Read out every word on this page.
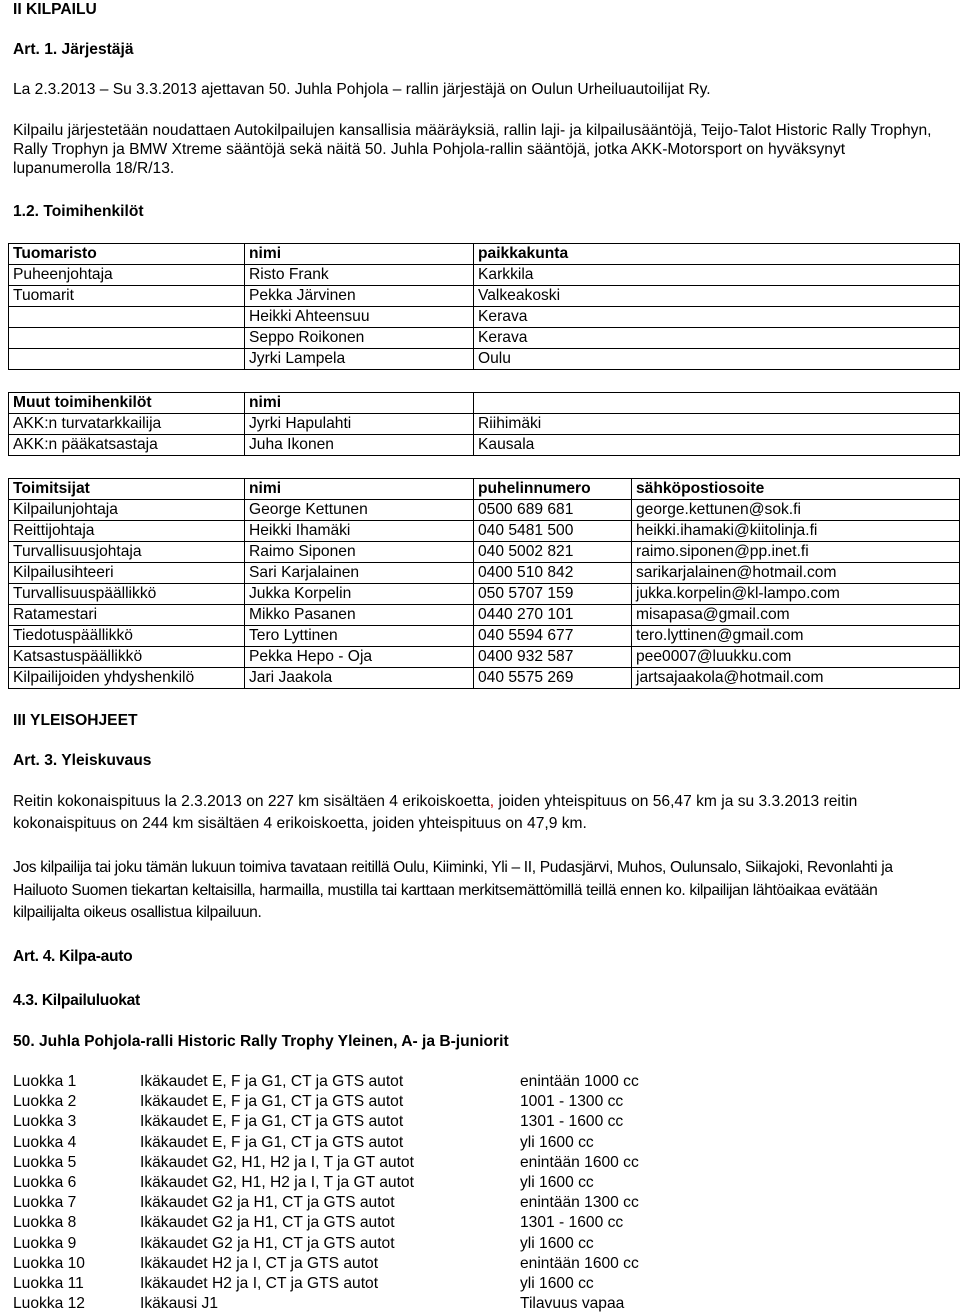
II KILPAILU
Art. 1. Järjestäjä
La 2.3.2013 – Su 3.3.2013 ajettavan 50. Juhla Pohjola – rallin järjestäjä on Oulun Urheiluautoilijat Ry.
Kilpailu järjestetään noudattaen Autokilpailujen kansallisia määräyksiä, rallin laji- ja kilpailusääntöjä, Teijo-Talot Historic Rally Trophyn, Rally Trophyn ja BMW Xtreme sääntöjä sekä näitä 50. Juhla Pohjola-rallin sääntöjä, jotka AKK-Motorsport on hyväksynyt lupanumerolla 18/R/13.
1.2. Toimihenkilöt
Tuomaristo	nimi	paikkakunta
Puheenjohtaja	Risto Frank	Karkkila
Tuomarit	Pekka Järvinen	Valkeakoski
	Heikki Ahteensuu	Kerava
	Seppo Roikonen	Kerava
	Jyrki Lampela	Oulu
Muut toimihenkilöt	nimi	
AKK:n turvatarkkailija	Jyrki Hapulahti	Riihimäki
AKK:n pääkatsastaja	Juha Ikonen	Kausala
Toimitsijat	nimi	puhelinnumero	sähköpostiosoite
Kilpailunjohtaja	George Kettunen	0500 689 681	george.kettunen@sok.fi
Reittijohtaja	Heikki Ihamäki	040 5481 500	heikki.ihamaki@kiitolinja.fi
Turvallisuusjohtaja	Raimo Siponen	040 5002 821	raimo.siponen@pp.inet.fi
Kilpailusihteeri	Sari Karjalainen	0400 510 842	sarikarjalainen@hotmail.com
Turvallisuuspäällikkö	Jukka Korpelin	050 5707 159	jukka.korpelin@kl-lampo.com
Ratamestari	Mikko Pasanen	0440 270 101	misapasa@gmail.com
Tiedotuspäällikkö	Tero Lyttinen	040 5594 677	tero.lyttinen@gmail.com
Katsastuspäällikkö	Pekka Hepo - Oja	0400 932 587	pee0007@luukku.com
Kilpailijoiden yhdyshenkilö	Jari Jaakola	040 5575 269	jartsajaakola@hotmail.com
III YLEISOHJEET
Art. 3. Yleiskuvaus
Reitin kokonaispituus la 2.3.2013 on 227 km sisältäen 4 erikoiskoetta, joiden yhteispituus on 56,47 km ja su 3.3.2013 reitin kokonaispituus on 244 km sisältäen 4 erikoiskoetta, joiden yhteispituus on 47,9 km.
Jos kilpailija tai joku tämän lukuun toimiva tavataan reitillä Oulu, Kiiminki, Yli – II, Pudasjärvi, Muhos, Oulunsalo, Siikajoki, Revonlahti ja Hailuoto Suomen tiekartan keltaisilla, harmailla, mustilla tai karttaan merkitsemättömillä teillä ennen ko. kilpailijan lähtöaikaa evätään kilpailijalta oikeus osallistua kilpailuun.
Art. 4. Kilpa-auto
4.3. Kilpailuluokat
50. Juhla Pohjola-ralli Historic Rally Trophy Yleinen, A- ja B-juniorit
Luokka 1	Ikäkaudet E, F ja G1, CT ja GTS autot	enintään 1000 cc
Luokka 2	Ikäkaudet E, F ja G1, CT ja GTS autot	1001 - 1300 cc
Luokka 3	Ikäkaudet E, F ja G1, CT ja GTS autot	1301 - 1600 cc
Luokka 4	Ikäkaudet E, F ja G1, CT ja GTS autot	yli 1600 cc
Luokka 5	Ikäkaudet G2, H1, H2 ja I, T ja GT autot	enintään 1600 cc
Luokka 6	Ikäkaudet G2, H1, H2 ja I, T ja GT autot	yli 1600 cc
Luokka 7	Ikäkaudet G2 ja H1, CT ja GTS autot	enintään 1300 cc
Luokka 8	Ikäkaudet G2 ja H1, CT ja GTS autot	1301 - 1600 cc
Luokka 9	Ikäkaudet G2 ja H1, CT ja GTS autot	yli 1600 cc
Luokka 10	Ikäkaudet H2 ja I, CT ja GTS autot	enintään 1600 cc
Luokka 11	Ikäkaudet H2 ja I, CT ja GTS autot	yli 1600 cc
Luokka 12	Ikäkausi J1	Tilavuus vapaa
